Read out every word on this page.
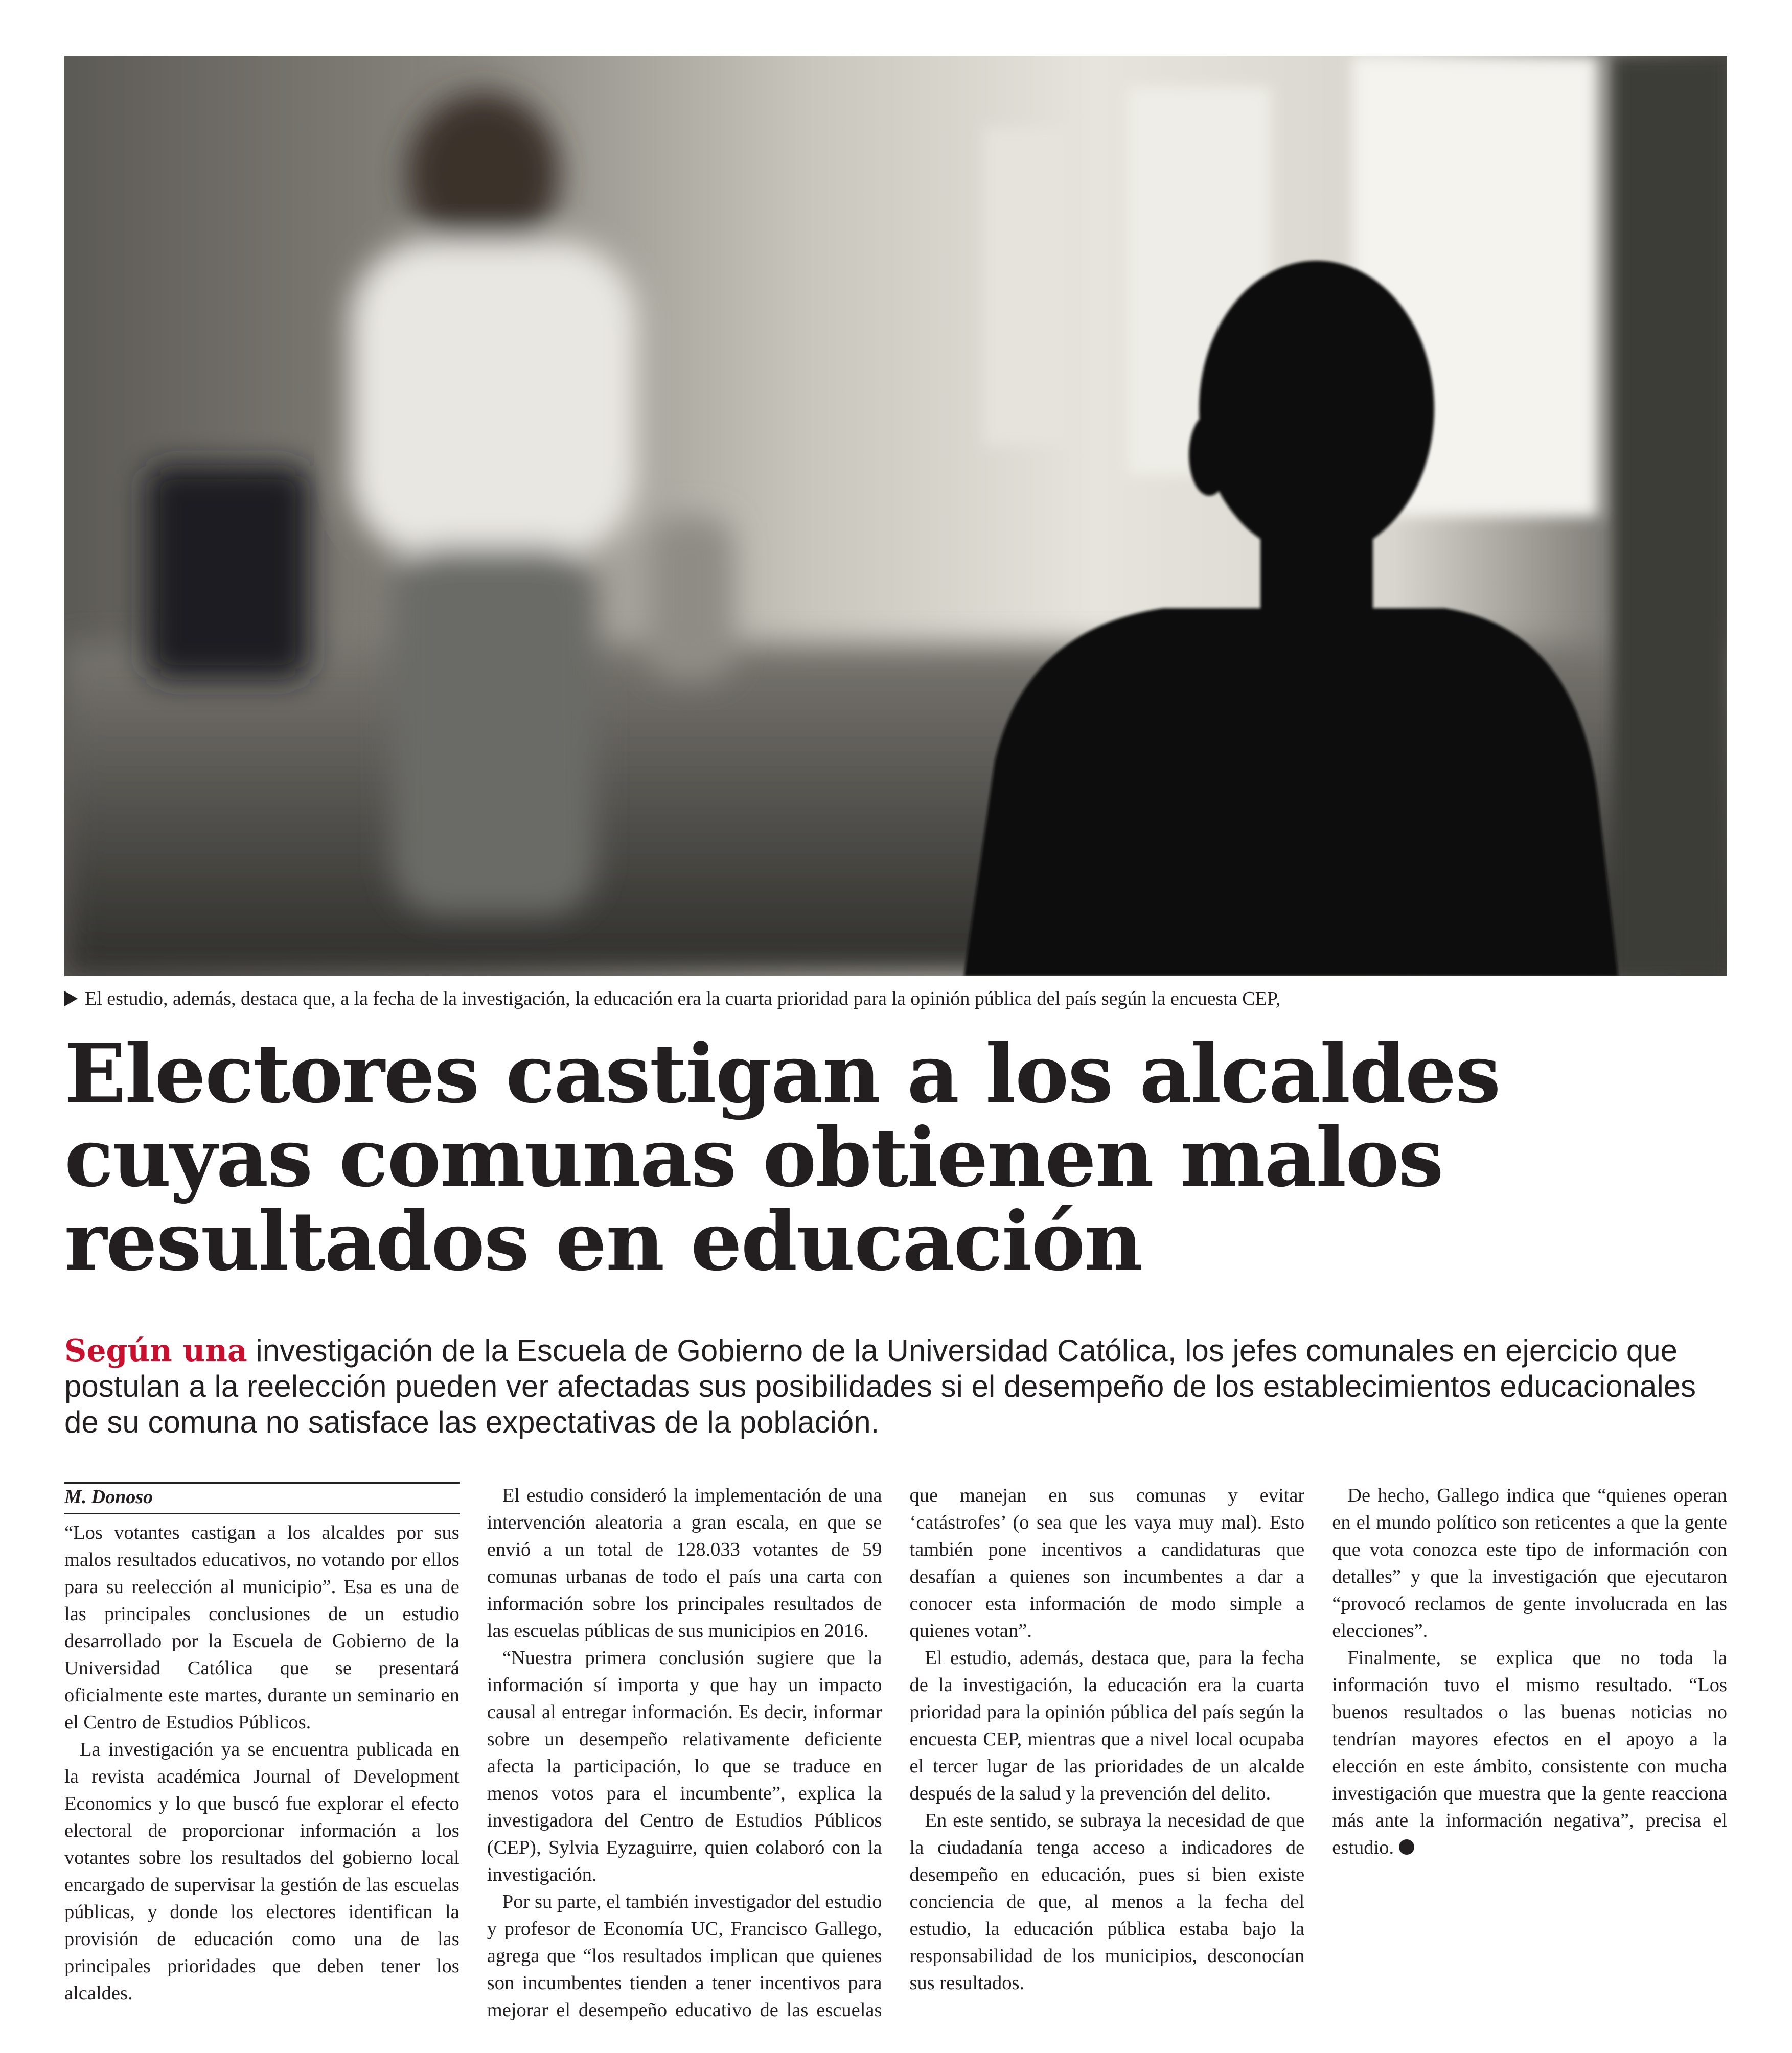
El estudio, además, destaca que, a la fecha de la investigación, la educación era la cuarta prioridad para la opinión pública del país según la encuesta CEP,
Electores castigan a los alcaldes cuyas comunas obtienen malos resultados en educación

Según una investigación de la Escuela de Gobierno de la Universidad Católica, los jefes comunales en ejercicio que postulan a la reelección pueden ver afectadas sus posibilidades si el desempeño de los establecimientos educacionales de su comuna no satisface las expectativas de la población.

M. Donoso

“Los votantes castigan a los alcaldes por sus malos resultados educativos, no votando por ellos para su reelección al municipio”. Esa es una de las principales conclusiones de un estudio desarrollado por la Escuela de Gobierno de la Universidad Católica que se presentará oficialmente este martes, durante un seminario en el Centro de Estudios Públicos.

La investigación ya se encuentra publicada en la revista académica Journal of Development Economics y lo que buscó fue explorar el efecto electoral de proporcionar información a los votantes sobre los resultados del gobierno local encargado de supervisar la gestión de las escuelas públicas, y donde los electores identifican la provisión de educación como una de las principales prioridades que deben tener los alcaldes.

El estudio consideró la implementación de una intervención aleatoria a gran escala, en que se envió a un total de 128.033 votantes de 59 comunas urbanas de todo el país una carta con información sobre los principales resultados de las escuelas públicas de sus municipios en 2016.

“Nuestra primera conclusión sugiere que la información sí importa y que hay un impacto causal al entregar información. Es decir, informar sobre un desempeño relativamente deficiente afecta la participación, lo que se traduce en menos votos para el incumbente”, explica la investigadora del Centro de Estudios Públicos (CEP), Sylvia Eyzaguirre, quien colaboró con la investigación.

Por su parte, el también investigador del estudio y profesor de Economía UC, Francisco Gallego, agrega que “los resultados implican que quienes son incumbentes tienden a tener incentivos para mejorar el desempeño educativo de las escuelas que manejan en sus comunas y evitar ‘catástrofes’ (o sea que les vaya muy mal). Esto también pone incentivos a candidaturas que desafían a quienes son incumbentes a dar a conocer esta información de modo simple a quienes votan”.

El estudio, además, destaca que, para la fecha de la investigación, la educación era la cuarta prioridad para la opinión pública del país según la encuesta CEP, mientras que a nivel local ocupaba el tercer lugar de las prioridades de un alcalde después de la salud y la prevención del delito.

En este sentido, se subraya la necesidad de que la ciudadanía tenga acceso a indicadores de desempeño en educación, pues si bien existe conciencia de que, al menos a la fecha del estudio, la educación pública estaba bajo la responsabilidad de los municipios, desconocían sus resultados.

De hecho, Gallego indica que “quienes operan en el mundo político son reticentes a que la gente que vota conozca este tipo de información con detalles” y que la investigación que ejecutaron “provocó reclamos de gente involucrada en las elecciones”.

Finalmente, se explica que no toda la información tuvo el mismo resultado. “Los buenos resultados o las buenas noticias no tendrían mayores efectos en el apoyo a la elección en este ámbito, consistente con mucha investigación que muestra que la gente reacciona más ante la información negativa”, precisa el estudio.
